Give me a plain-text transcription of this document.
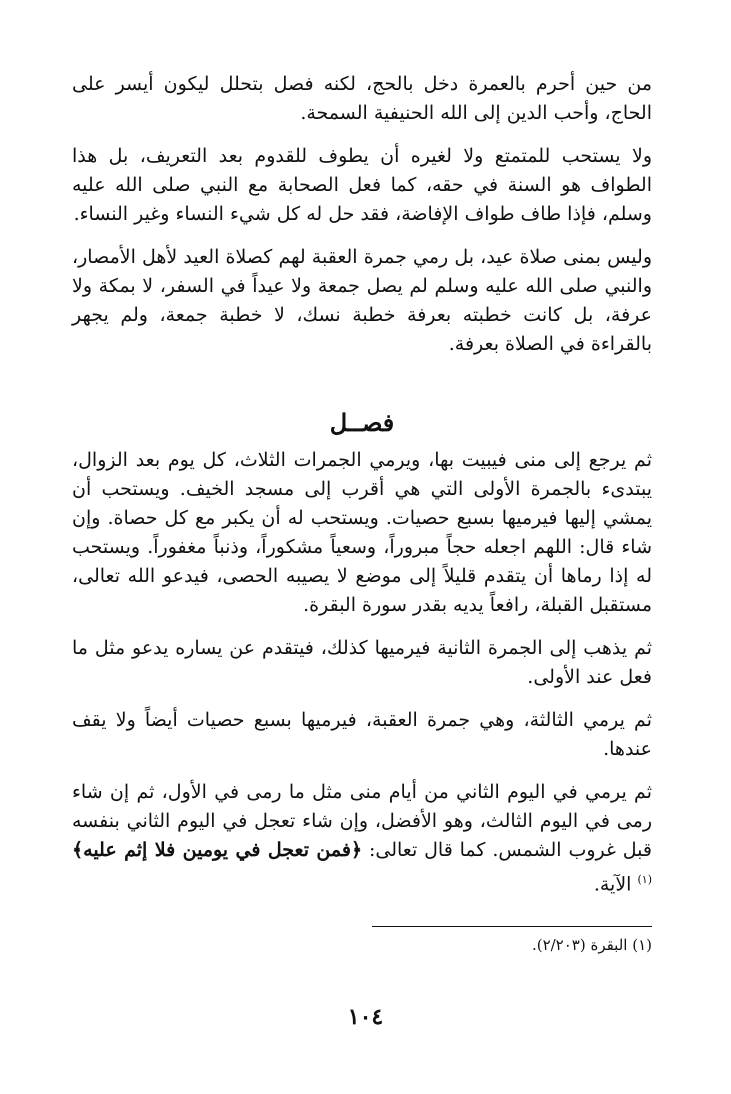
من حين أحرم بالعمرة دخل بالحج، لكنه فصل بتحلل ليكون أيسر على الحاج، وأحب الدين إلى الله الحنيفية السمحة.

ولا يستحب للمتمتع ولا لغيره أن يطوف للقدوم بعد التعريف، بل هذا الطواف هو السنة في حقه، كما فعل الصحابة مع النبي صلى الله عليه وسلم، فإذا طاف طواف الإفاضة، فقد حل له كل شيء النساء وغير النساء.

وليس بمنى صلاة عيد، بل رمي جمرة العقبة لهم كصلاة العيد لأهل الأمصار، والنبي صلى الله عليه وسلم لم يصل جمعة ولا عيداً في السفر، لا بمكة ولا عرفة، بل كانت خطبته بعرفة خطبة نسك، لا خطبة جمعة، ولم يجهر بالقراءة في الصلاة بعرفة.

فصــل

ثم يرجع إلى منى فيبيت بها، ويرمي الجمرات الثلاث، كل يوم بعد الزوال، يبتدىء بالجمرة الأولى التي هي أقرب إلى مسجد الخيف. ويستحب أن يمشي إليها فيرميها بسبع حصيات. ويستحب له أن يكبر مع كل حصاة. وإن شاء قال: اللهم اجعله حجاً مبروراً، وسعياً مشكوراً، وذنباً مغفوراً. ويستحب له إذا رماها أن يتقدم قليلاً إلى موضع لا يصيبه الحصى، فيدعو الله تعالى، مستقبل القبلة، رافعاً يديه بقدر سورة البقرة.

ثم يذهب إلى الجمرة الثانية فيرميها كذلك، فيتقدم عن يساره يدعو مثل ما فعل عند الأولى.

ثم يرمي الثالثة، وهي جمرة العقبة، فيرميها بسبع حصيات أيضاً ولا يقف عندها.

ثم يرمي في اليوم الثاني من أيام منى مثل ما رمى في الأول، ثم إن شاء رمى في اليوم الثالث، وهو الأفضل، وإن شاء تعجل في اليوم الثاني بنفسه قبل غروب الشمس. كما قال تعالى: ﴿فمن تعجل في يومين فلا إثم عليه﴾$^{(١)}$ الآية.

(١) البقرة (٢/٢٠٣).
١٠٤
